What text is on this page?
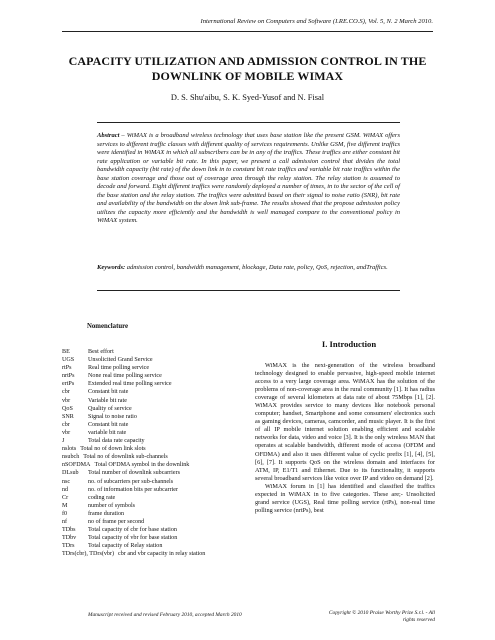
International Review on Computers and Software (I.RE.CO.S), Vol. 5, N. 2 March 2010.
CAPACITY UTILIZATION AND ADMISSION CONTROL IN THE
DOWNLINK OF MOBILE WIMAX
D. S. Shu'aibu, S. K. Syed-Yusof and N. Fisal
Abstract – WiMAX is a broadband wireless technology that uses base station like the present GSM. WiMAX offers services to different traffic classes with different quality of services requirements. Unlike GSM, five different traffics were identified in WiMAX in which all subscribers can be in any of the traffics. These traffics are either constant bit rate application or variable bit rate. In this paper, we present a call admission control that divides the total bandwidth capacity (bit rate) of the down link in to constant bit rate traffics and variable bit rate traffics within the base station coverage and those out of coverage area through the relay station. The relay station is assumed to decode and forward. Eight different traffics were randomly deployed a number of times, in to the sector of the cell of the base station and the relay station. The traffics were admitted based on their signal to noise ratio (SNR), bit rate and availability of the bandwidth on the down link sub-frame. The results showed that the propose admission policy utilizes the capacity more efficiently and the bandwidth is well managed compare to the conventional policy in WiMAX system.
Keywords: admission control, bandwidth management, blockage, Data rate, policy, QoS, rejection, andTraffics.
Nomenclature
BE	Best effort
UGS	Unsolicited Grand Service
rtPs	Real time polling service
nrtPs	None real time polling service
ertPs	Extended real time polling service
cbr	Constant bit rate
vbr	Variable bit rate
QoS	Quality of service
SNR	Signal to noise ratio
cbr	Constant bit rate
vbr	variable bit rate
J	Total data rate capacity
nslots Total no of down link slots
nsubch Total no of downlink sub-channels
nSOFDMA Total OFDMA symbol in the downlink
DLsub	Total number of downlink subcarriers
nsc	no. of subcarriers per sub-channels
nd	no. of information bits per subcarrier
Cr	coding rate
M	number of symbols
f0	frame duration
nf	no of frame per second
TDbs	Total capacity of cbr for base station
TDbv	Total capacity of vbr for base station
TDrs	Total capacity of Relay station
TDrs(cbr), TDrs(vbr) cbr and vbr capacity in relay station
I. Introduction

WiMAX is the next-generation of the wireless broadband technology designed to enable pervasive, high-speed mobile internet access to a very large coverage area. WiMAX has the solution of the problems of non-coverage area in the rural community [1]. It has radius coverage of several kilometers at data rate of about 75Mbps [1], [2]. WiMAX provides service to many devices like notebook personal computer; handset, Smartphone and some consumers' electronics such as gaming devices, cameras, camcorder, and music player. It is the first of all IP mobile internet solution enabling efficient and scalable networks for data, video and voice [3]. It is the only wireless MAN that operates at scalable bandwidth, different mode of access (OFDM and OFDMA) and also it uses different value of cyclic prefix [1], [4], [5], [6], [7]. It supports QoS on the wireless domain and interfaces for ATM, IP, E1/T1 and Ethernet. Due to its functionality, it supports several broadband services like voice over IP and video on demand [2].

WiMAX forum in [1] has identified and classified the traffics expected in WiMAX in to five categories. These are;- Unsolicited grand service (UGS), Real time polling service (rtPs), non-real time polling service (nrtPs), best

Manuscript received and revised February 2010, accepted March 2010	Copyright © 2010 Praise Worthy Prize S.r.l. - All
rights reserved
